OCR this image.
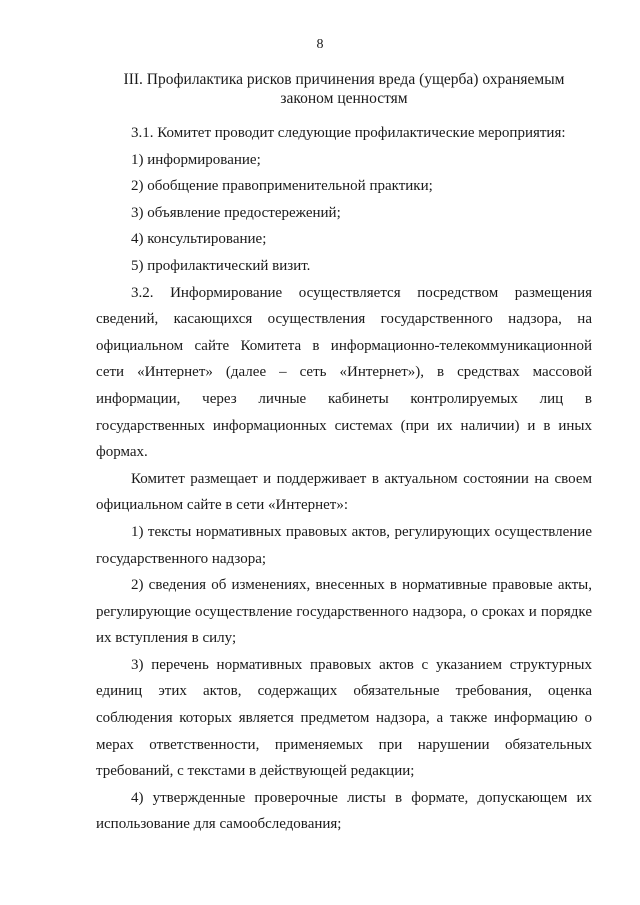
8
III. Профилактика рисков причинения вреда (ущерба) охраняемым законом ценностям

3.1. Комитет проводит следующие профилактические мероприятия:

1) информирование;

2) обобщение правоприменительной практики;

3) объявление предостережений;

4) консультирование;

5) профилактический визит.

3.2. Информирование осуществляется посредством размещения сведений, касающихся осуществления государственного надзора, на официальном сайте Комитета в информационно-телекоммуникационной сети «Интернет» (далее – сеть «Интернет»), в средствах массовой информации, через личные кабинеты контролируемых лиц в государственных информационных системах (при их наличии) и в иных формах.

Комитет размещает и поддерживает в актуальном состоянии на своем официальном сайте в сети «Интернет»:

1) тексты нормативных правовых актов, регулирующих осуществление государственного надзора;

2) сведения об изменениях, внесенных в нормативные правовые акты, регулирующие осуществление государственного надзора, о сроках и порядке их вступления в силу;

3) перечень нормативных правовых актов с указанием структурных единиц этих актов, содержащих обязательные требования, оценка соблюдения которых является предметом надзора, а также информацию о мерах ответственности, применяемых при нарушении обязательных требований, с текстами в действующей редакции;

4) утвержденные проверочные листы в формате, допускающем их использование для самообследования;
